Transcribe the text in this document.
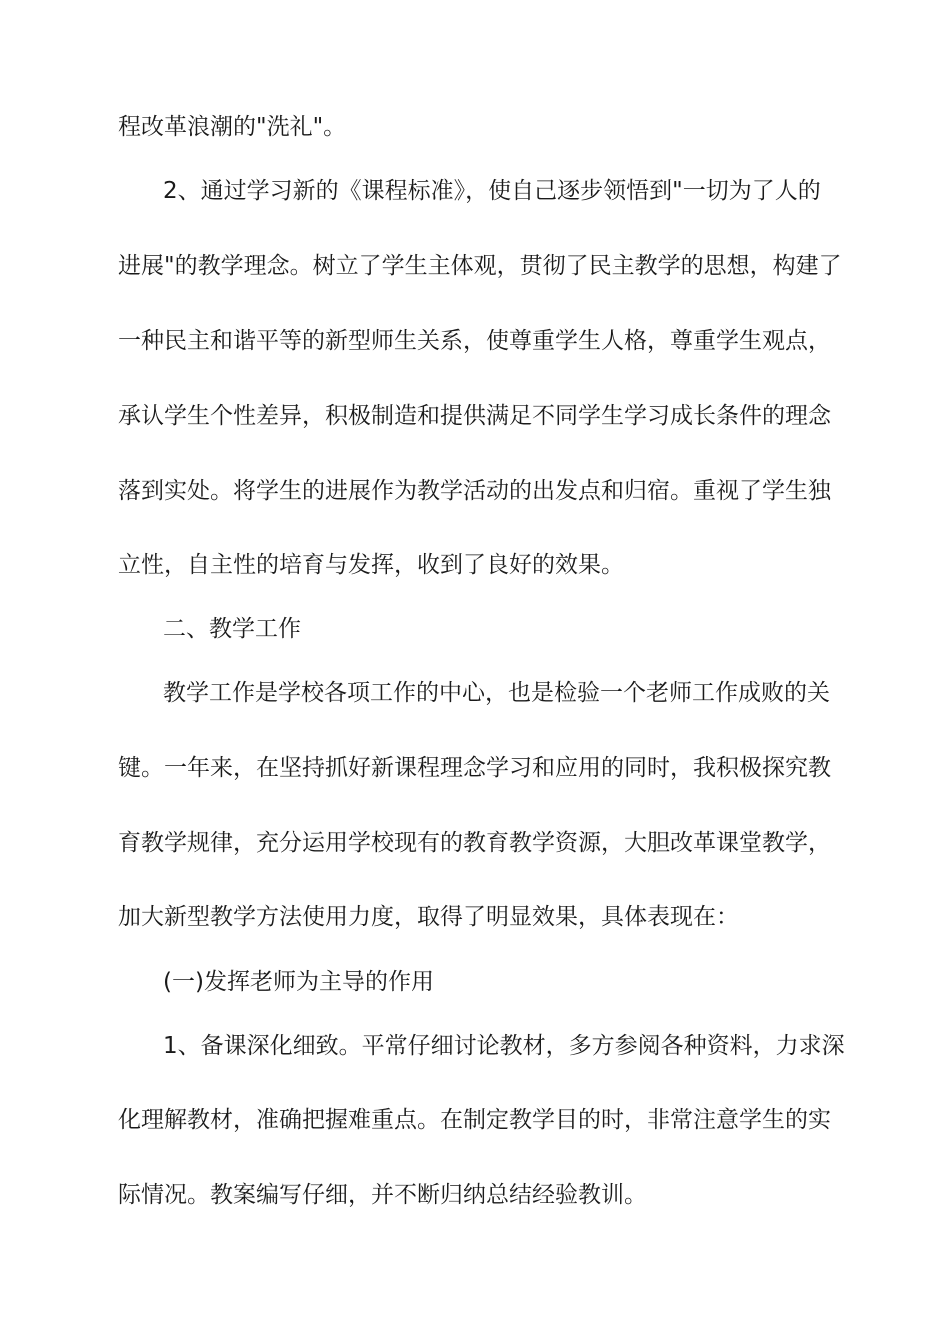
程改革浪潮的"洗礼"。
2、通过学习新的《课程标准》，使自己逐步领悟到"一切为了人的
进展"的教学理念。树立了学生主体观，贯彻了民主教学的思想，构建了
一种民主和谐平等的新型师生关系，使尊重学生人格，尊重学生观点，
承认学生个性差异，积极制造和提供满足不同学生学习成长条件的理念
落到实处。将学生的进展作为教学活动的出发点和归宿。重视了学生独
立性，自主性的培育与发挥，收到了良好的效果。
二、教学工作
教学工作是学校各项工作的中心，也是检验一个老师工作成败的关
键。一年来，在坚持抓好新课程理念学习和应用的同时，我积极探究教
育教学规律，充分运用学校现有的教育教学资源，大胆改革课堂教学，
加大新型教学方法使用力度，取得了明显效果，具体表现在：
(一)发挥老师为主导的作用
1、备课深化细致。平常仔细讨论教材，多方参阅各种资料，力求深
化理解教材，准确把握难重点。在制定教学目的时，非常注意学生的实
际情况。教案编写仔细，并不断归纳总结经验教训。
